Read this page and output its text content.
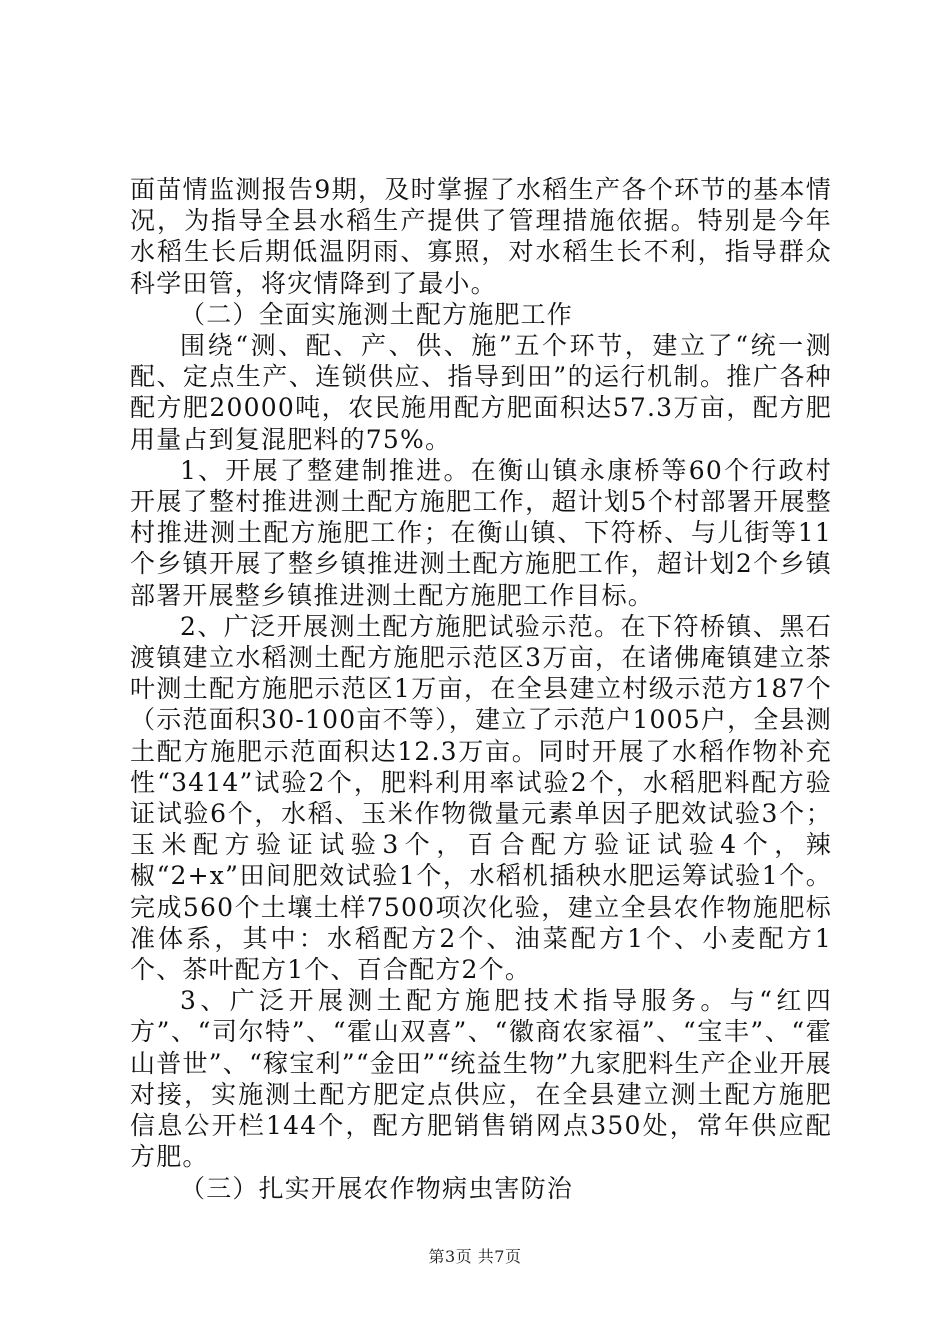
面苗情监测报告9期，及时掌握了水稻生产各个环节的基本情况，为指导全县水稻生产提供了管理措施依据。特别是今年水稻生长后期低温阴雨、寡照，对水稻生长不利，指导群众科学田管，将灾情降到了最小。

（二）全面实施测土配方施肥工作

围绕“测、配、产、供、施”五个环节，建立了“统一测配、定点生产、连锁供应、指导到田”的运行机制。推广各种配方肥20000吨，农民施用配方肥面积达57.3万亩，配方肥用量占到复混肥料的75%。

1、开展了整建制推进。在衡山镇永康桥等60个行政村开展了整村推进测土配方施肥工作，超计划5个村部署开展整村推进测土配方施肥工作；在衡山镇、下符桥、与儿街等11个乡镇开展了整乡镇推进测土配方施肥工作，超计划2个乡镇部署开展整乡镇推进测土配方施肥工作目标。

2、广泛开展测土配方施肥试验示范。在下符桥镇、黑石渡镇建立水稻测土配方施肥示范区3万亩，在诸佛庵镇建立茶叶测土配方施肥示范区1万亩，在全县建立村级示范方187个（示范面积30-100亩不等），建立了示范户1005户，全县测土配方施肥示范面积达12.3万亩。同时开展了水稻作物补充性“3414”试验2个，肥料利用率试验2个，水稻肥料配方验证试验6个，水稻、玉米作物微量元素单因子肥效试验3个；玉米配方验证试验3个，百合配方验证试验4个，辣椒“2+x”田间肥效试验1个，水稻机插秧水肥运筹试验1个。完成560个土壤土样7500项次化验，建立全县农作物施肥标准体系，其中：水稻配方2个、油菜配方1个、小麦配方1个、茶叶配方1个、百合配方2个。

3、广泛开展测土配方施肥技术指导服务。与“红四方”、“司尔特”、“霍山双喜”、“徽商农家福”、“宝丰”、“霍山普世”、“稼宝利”“金田”“统益生物”九家肥料生产企业开展对接，实施测土配方肥定点供应，在全县建立测土配方施肥信息公开栏144个，配方肥销售销网点350处，常年供应配方肥。

（三）扎实开展农作物病虫害防治

第3页 共7页
